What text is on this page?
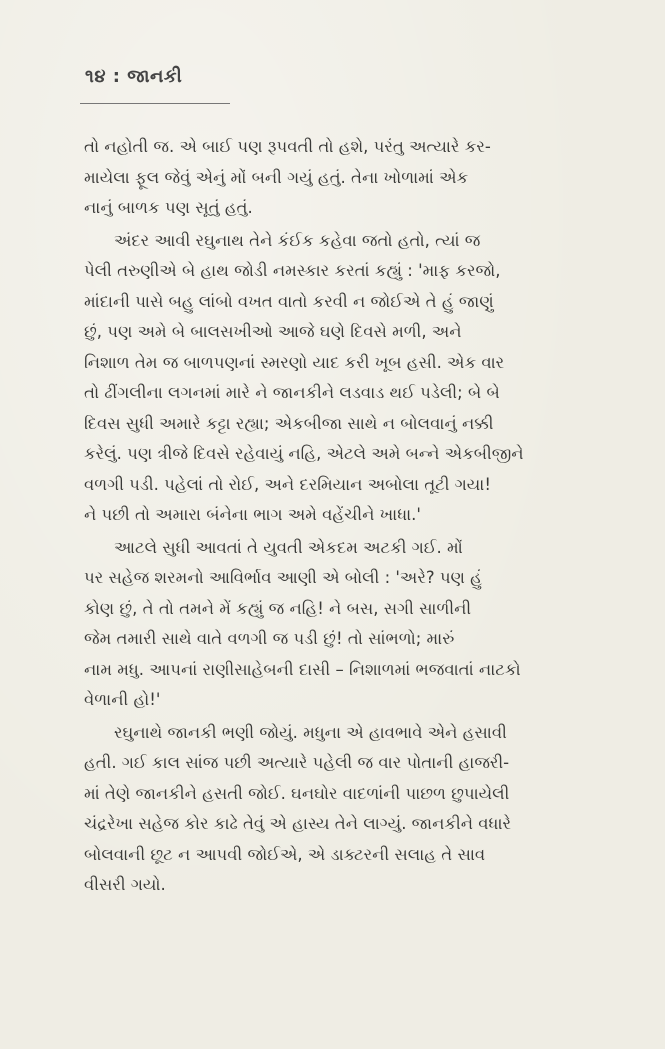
૧૪ : જાનકી

તો નહોતી જ. એ બાઈ પણ રૂપવતી તો હશે, પરંતુ અત્યારે કર-

માયેલા ફૂલ જેવું એનું મોં બની ગયું હતું. તેના ખોળામાં એક

નાનું બાળક પણ સૂતું હતું.

અંદર આવી રઘુનાથ તેને કંઈક કહેવા જતો હતો, ત્યાં જ

પેલી તરુણીએ બે હાથ જોડી નમસ્કાર કરતાં કહ્યું : 'માફ કરજો,

માંદાની પાસે બહુ લાંબો વખત વાતો કરવી ન જોઈએ તે હું જાણું

છું, પણ અમે બે બાલસખીઓ આજે ઘણે દિવસે મળી, અને

નિશાળ તેમ જ બાળપણનાં સ્મરણો યાદ કરી ખૂબ હસી. એક વાર

તો ઢીંગલીના લગનમાં મારે ને જાનકીને લડવાડ થઈ પડેલી; બે બે

દિવસ સુધી અમારે કટ્ટા રહ્યા; એકબીજા સાથે ન બોલવાનું નક્કી

કરેલું. પણ ત્રીજે દિવસે રહેવાયું નહિ, એટલે અમે બન્ને એકબીજીને

વળગી પડી. પહેલાં તો રોઈ, અને દરમિયાન અબોલા તૂટી ગયા!

ને પછી તો અમારા બંનેના ભાગ અમે વહેંચીને ખાધા.'

આટલે સુધી આવતાં તે યુવતી એકદમ અટકી ગઈ. મોં

પર સહેજ શરમનો આવિર્ભાવ આણી એ બોલી : 'અરે? પણ હું

કોણ છું, તે તો તમને મેં કહ્યું જ નહિ! ને બસ, સગી સાળીની

જેમ તમારી સાથે વાતે વળગી જ પડી છું! તો સાંભળો; મારું

નામ મધુ. આપનાં રાણીસાહેબની દાસી – નિશાળમાં ભજવાતાં નાટકો

વેળાની હો!'

રઘુનાથે જાનકી ભણી જોયું. મધુના એ હાવભાવે એને હસાવી

હતી. ગઈ કાલ સાંજ પછી અત્યારે પહેલી જ વાર પોતાની હાજરી-

માં તેણે જાનકીને હસતી જોઈ. ઘનઘોર વાદળાંની પાછળ છુપાયેલી

ચંદ્રરેખા સહેજ કોર કાઢે તેવું એ હાસ્ય તેને લાગ્યું. જાનકીને વધારે

બોલવાની છૂટ ન આપવી જોઈએ, એ ડાક્ટરની સલાહ તે સાવ

વીસરી ગયો.
